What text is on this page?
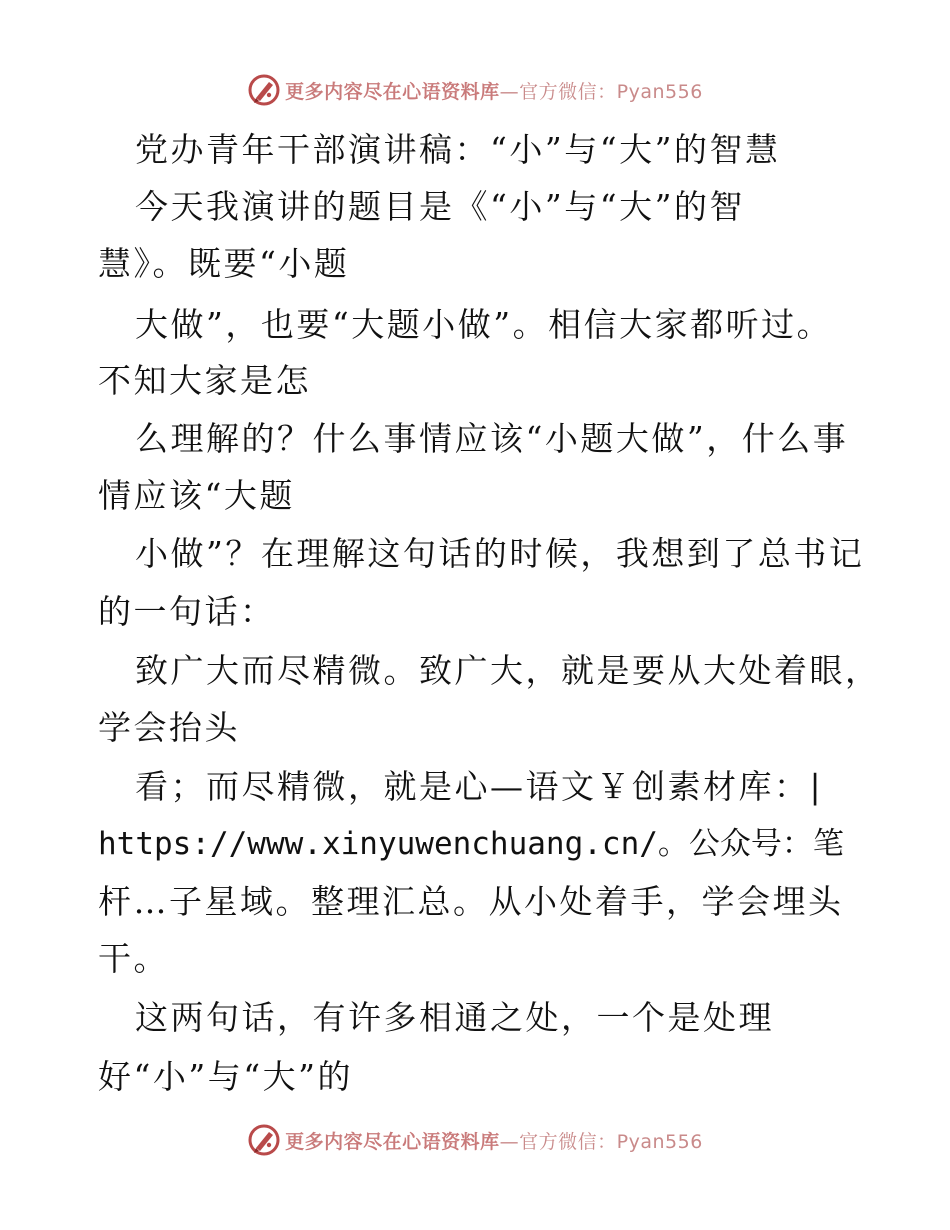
更多内容尽在心语资料库—官方微信：Pyan556
党办青年干部演讲稿：“小”与“大”的智慧
今天我演讲的题目是《“小”与“大”的智
慧》。既要“小题
大做”，也要“大题小做”。相信大家都听过。
不知大家是怎
么理解的？什么事情应该“小题大做”，什么事
情应该“大题
小做”？在理解这句话的时候，我想到了总书记
的一句话：
致广大而尽精微。致广大，就是要从大处着眼，
学会抬头
看；而尽精微，就是心—语文￥创素材库：|
https://www.xinyuwenchuang.cn/。公众号：笔
杆…子星域。整理汇总。从小处着手，学会埋头
干。
这两句话，有许多相通之处，一个是处理
好“小”与“大”的
更多内容尽在心语资料库—官方微信：Pyan556
